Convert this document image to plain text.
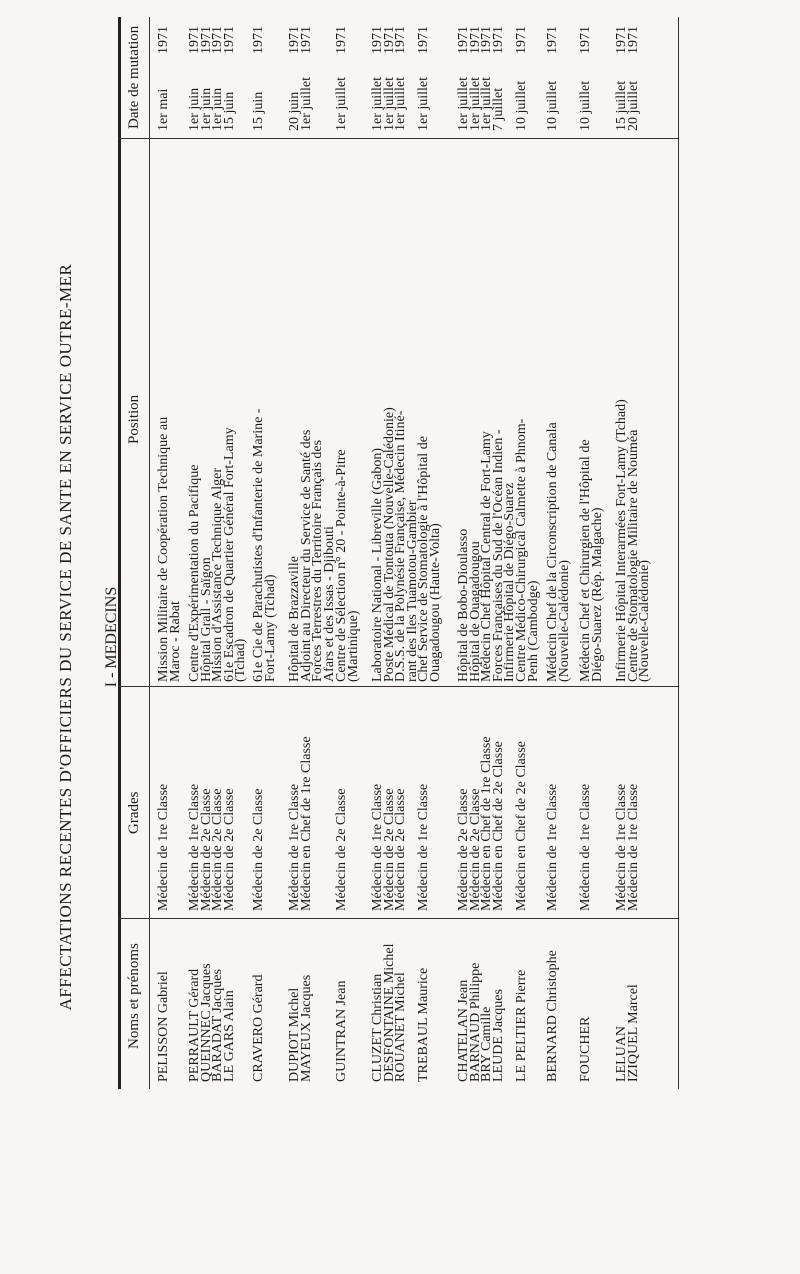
AFFECTATIONS RECENTES D'OFFICIERS DU SERVICE DE SANTE EN SERVICE OUTRE-MER I - MEDECINS
Noms et prénoms
Grades
Position
Date de mutation
PELISSON Gabriel
Médecin de 1re Classe
Mission Militaire de Coopération Technique au
Maroc - Rabat
1er mai
1971
PERRAULT Gérard
QUEINNEC Jacques
BARADAT Jacques
LE GARS Alain
Médecin de 1re Classe
Médecin de 2e Classe
Médecin de 2e Classe
Médecin de 2e Classe
Centre d'Expérimentation du Pacifique
Hôpital Grall - Saïgon
Mission d'Assistance Technique Alger
61e Escadron de Quartier Général Fort-Lamy
(Tchad)
1er juin
1er juin
1er juin
15 juin
1971
1971
1971
1971
CRAVERO Gérard
Médecin de 2e Classe
61e Cie de Parachutistes d'Infanterie de Marine -
Fort-Lamy (Tchad)
15 juin
1971
DUPIOT Michel
MAYEUX Jacques
Médecin de 1re Classe
Médecin en Chef de 1re Classe
Hôpital de Brazzaville
Adjoint au Directeur du Service de Santé des
Forces Terrestres du Territoire Français des
Afars et des Issas - Djibouti
20 juin
1er juillet
1971
1971
GUINTRAN Jean
Médecin de 2e Classe
Centre de Sélection n° 20 - Pointe-à-Pitre
(Martinique)
1er juillet
1971
CLUZET Christian
DESFONTAINE Michel
ROUANET Michel
Médecin de 1re Classe
Médecin de 2e Classe
Médecin de 2e Classe
Laboratoire National - Libreville (Gabon)
Poste Médical de Tontouta (Nouvelle-Calédonie)
D.S.S. de la Polynésie Française, Médecin Itiné-
rant des Iles Tuamotou-Gambier
1er juillet
1er juillet
1er juillet
1971
1971
1971
TREBAUL Maurice
Médecin de 1re Classe
Chef Service de Stomatologie à l'Hôpital de
Ouagadougou (Haute-Volta)
1er juillet
1971
CHATELAN Jean
BARNAUD Philippe
BRY Camille
LEUDE Jacques
Médecin de 2e Classe
Médecin de 2e Classe
Médecin en Chef de 1re Classe
Médecin en Chef de 2e Classe
Hôpital de Bobo-Dioulasso
Hôpital de Ouagadougou
Médecin Chef Hôpital Central de Fort-Lamy
Forces Françaises du Sud de l'Océan Indien -
Infirmerie Hôpital de Diégo-Suarez
1er juillet
1er juillet
1er juillet
7 juillet
1971
1971
1971
1971
LE PELTIER Pierre
Médecin en Chef de 2e Classe
Centre Médico-Chirurgical Calmette à Phnom-
Penh (Cambodge)
10 juillet
1971
BERNARD Christophe
Médecin de 1re Classe
Médecin Chef de la Circonscription de Canala
(Nouvelle-Calédonie)
10 juillet
1971
FOUCHER
Médecin de 1re Classe
Médecin Chef et Chirurgien de l'Hôpital de
Diégo-Suarez (Rép. Malgache)
10 juillet
1971
LELUAN
IZIQUEL Marcel
Médecin de 1re Classe
Médecin de 1re Classe
Infirmerie Hôpital Interarmées Fort-Lamy (Tchad)
Centre de Stomatologie Militaire de Nouméa
(Nouvelle-Calédonie)
15 juillet
20 juillet
1971
1971
